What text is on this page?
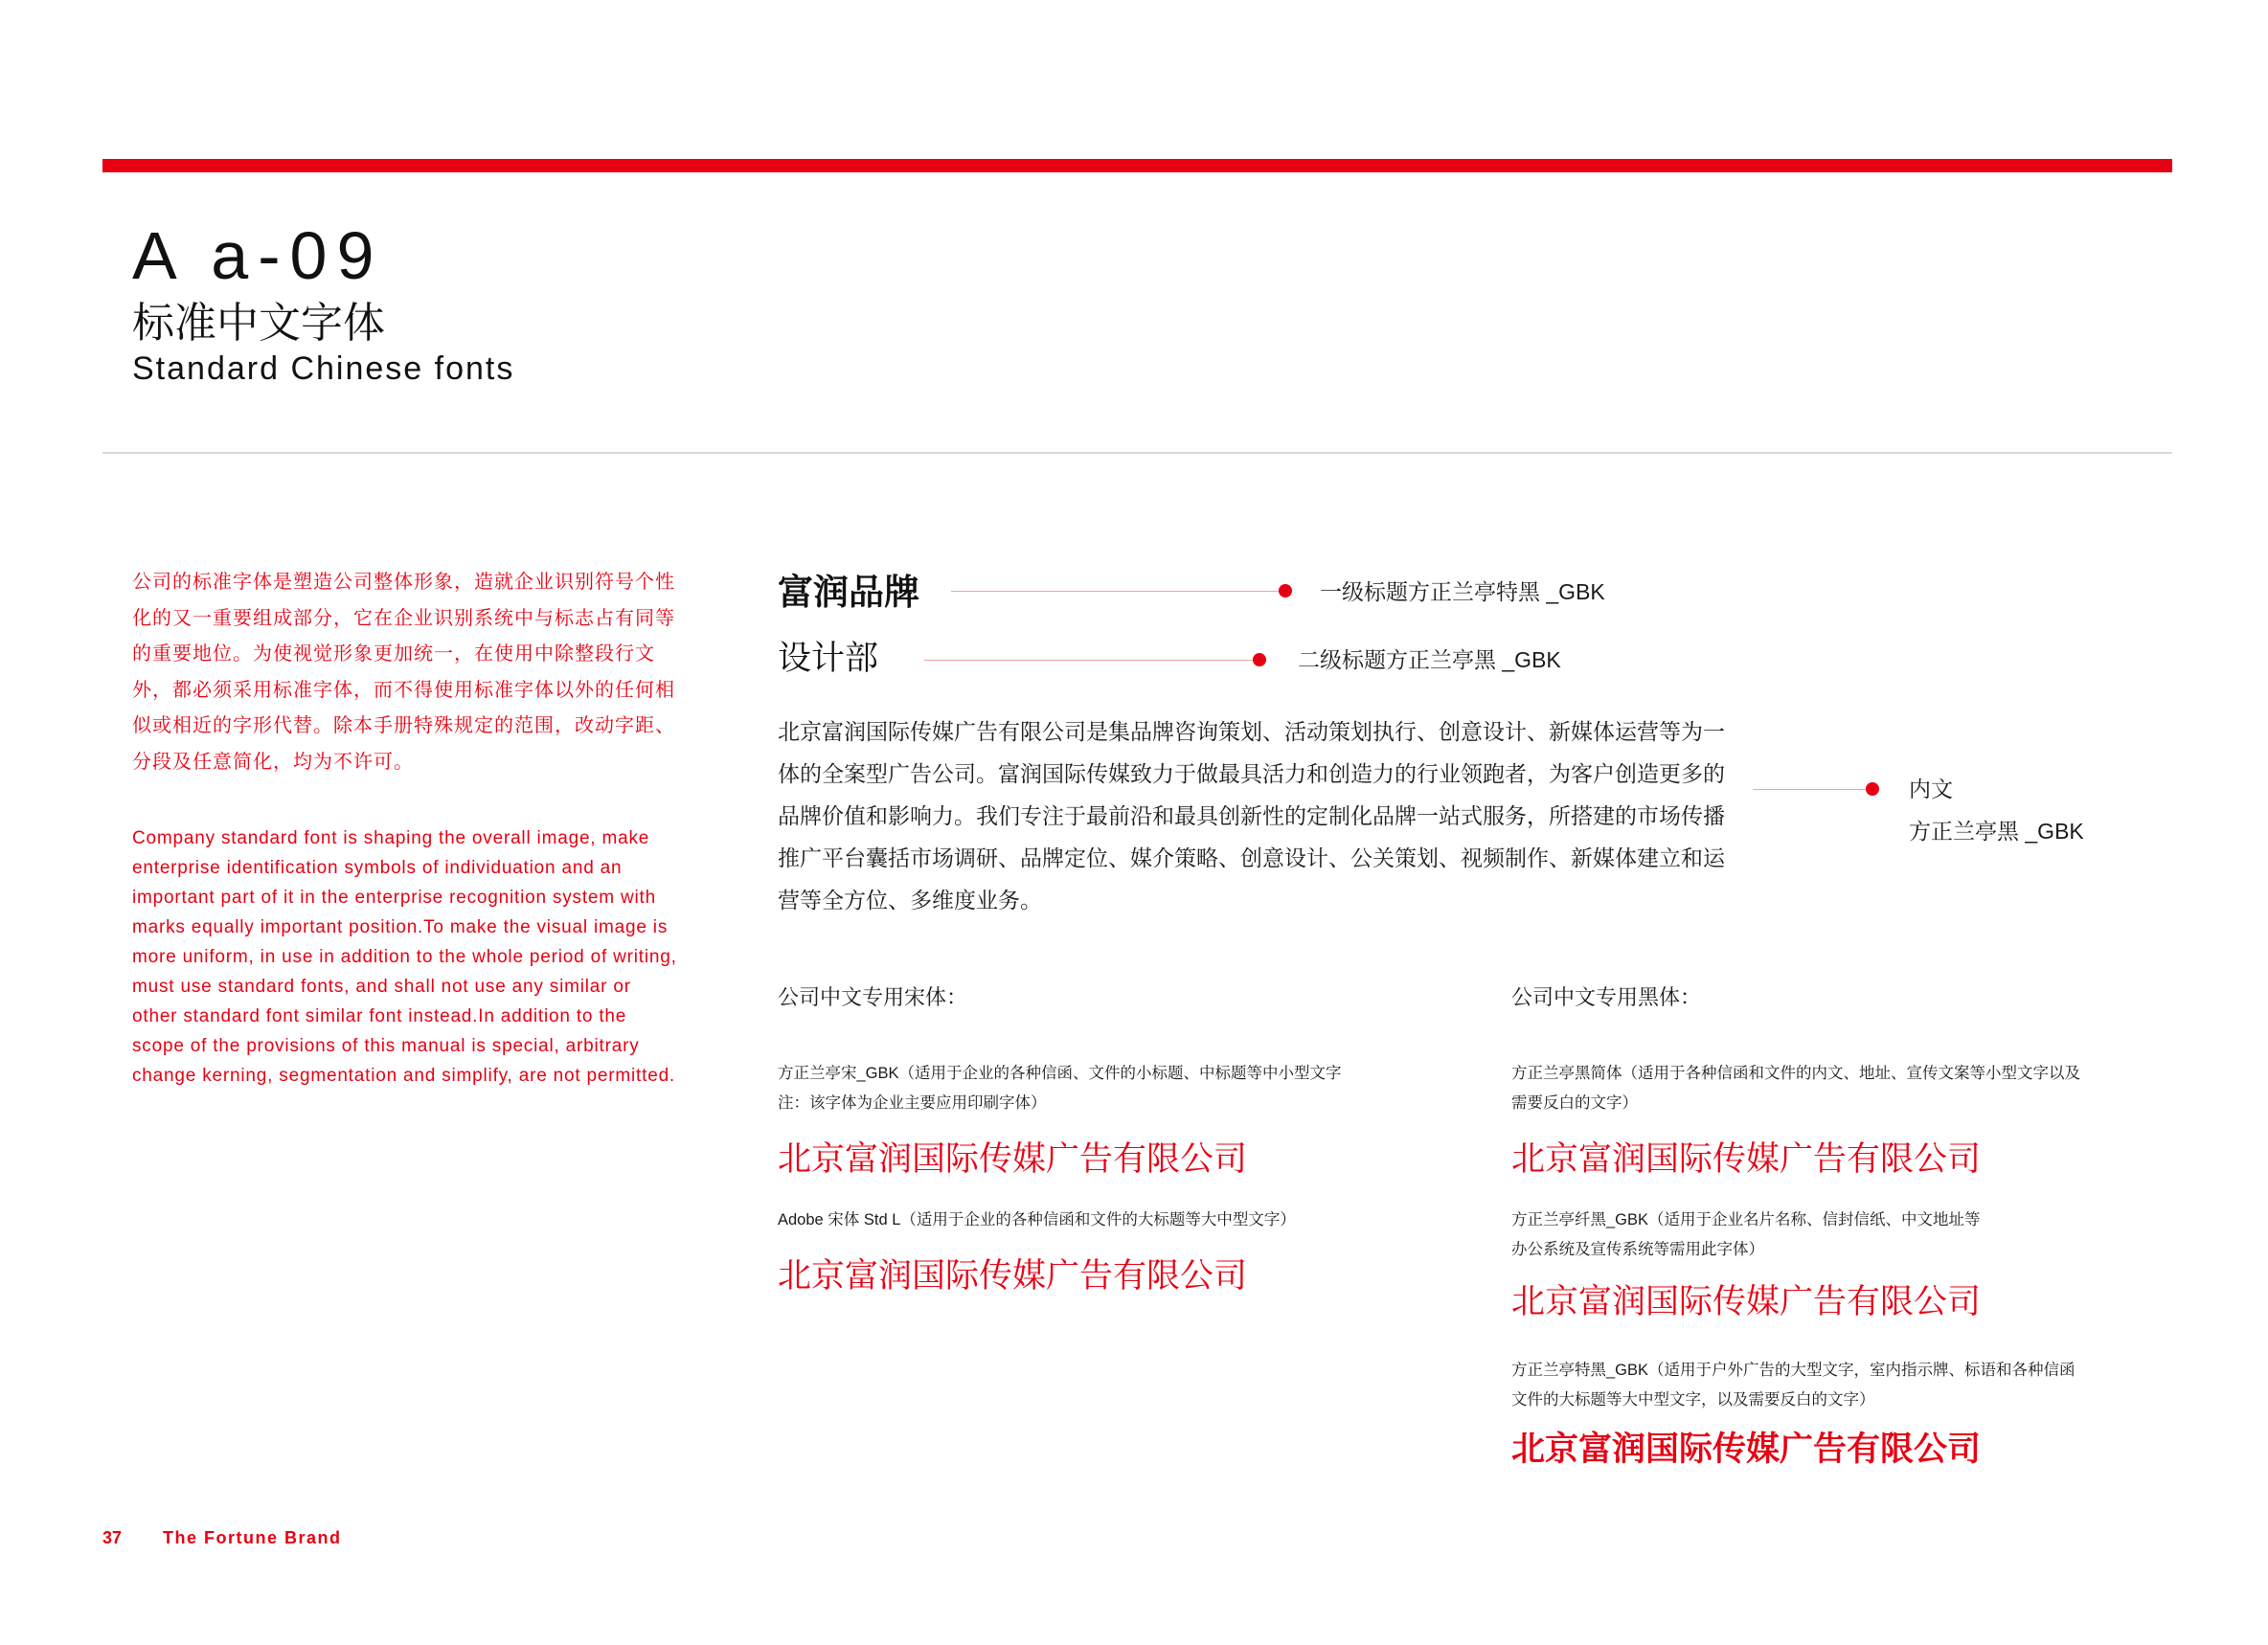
A a-09
标准中文字体
Standard Chinese fonts
公司的标准字体是塑造公司整体形象，造就企业识别符号个性化的又一重要组成部分，它在企业识别系统中与标志占有同等的重要地位。为使视觉形象更加统一，在使用中除整段行文外，都必须采用标准字体，而不得使用标准字体以外的任何相似或相近的字形代替。除本手册特殊规定的范围，改动字距、分段及任意简化，均为不许可。
Company standard font is shaping the overall image, make enterprise identification symbols of individuation and an important part of it in the enterprise recognition system with marks equally important position.To make the visual image is more uniform, in use in addition to the whole period of writing, must use standard fonts, and shall not use any similar or other standard font similar font instead.In addition to the scope of the provisions of this manual is special, arbitrary change kerning, segmentation and simplify, are not permitted.
富润品牌	一级标题方正兰亭特黑 _GBK
设计部	二级标题方正兰亭黑 _GBK

北京富润国际传媒广告有限公司是集品牌咨询策划、活动策划执行、创意设计、新媒体运营等为一体的全案型广告公司。富润国际传媒致力于做最具活力和创造力的行业领跑者，为客户创造更多的品牌价值和影响力。我们专注于最前沿和最具创新性的定制化品牌一站式服务，所搭建的市场传播推广平台囊括市场调研、品牌定位、媒介策略、创意设计、公关策划、视频制作、新媒体建立和运营等全方位、多维度业务。

内文
方正兰亭黑 _GBK
公司中文专用宋体：
方正兰亭宋_GBK（适用于企业的各种信函、文件的小标题、中标题等中小型文字
注：该字体为企业主要应用印刷字体）
北京富润国际传媒广告有限公司
Adobe 宋体 Std L（适用于企业的各种信函和文件的大标题等大中型文字）
北京富润国际传媒广告有限公司
公司中文专用黑体：
方正兰亭黑简体（适用于各种信函和文件的内文、地址、宣传文案等小型文字以及
需要反白的文字）
北京富润国际传媒广告有限公司
方正兰亭纤黑_GBK（适用于企业名片名称、信封信纸、中文地址等
办公系统及宣传系统等需用此字体）
北京富润国际传媒广告有限公司
方正兰亭特黑_GBK（适用于户外广告的大型文字，室内指示牌、标语和各种信函
文件的大标题等大中型文字，以及需要反白的文字）
北京富润国际传媒广告有限公司
37 The Fortune Brand
